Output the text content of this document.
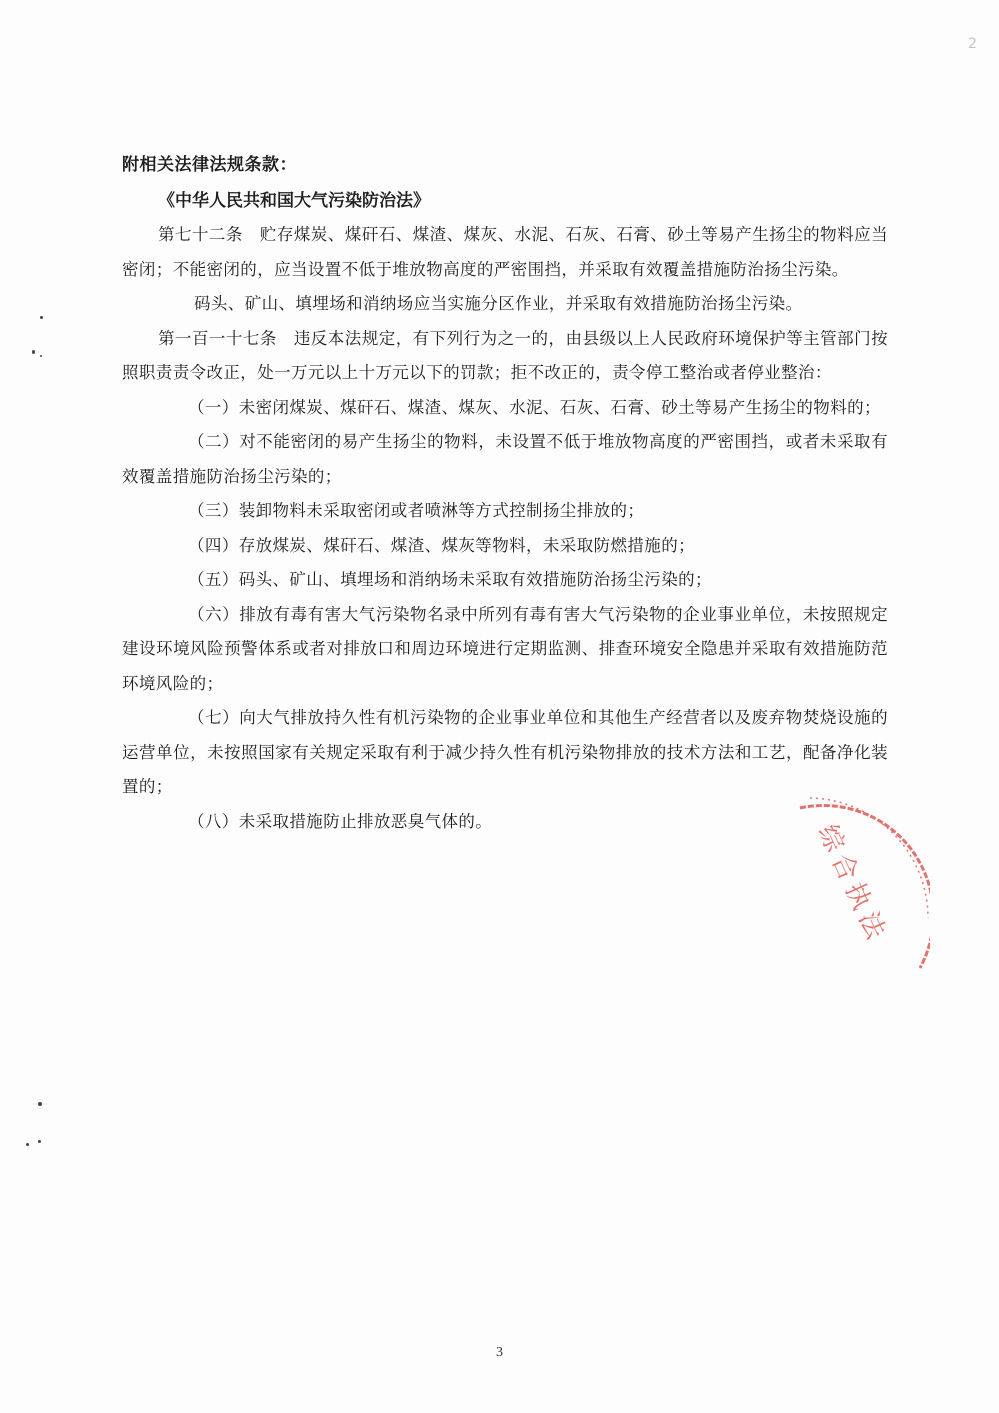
2

附相关法律法规条款：

《中华人民共和国大气污染防治法》

第七十二条　贮存煤炭、煤矸石、煤渣、煤灰、水泥、石灰、石膏、砂土等易产生扬尘的物料应当密闭；不能密闭的，应当设置不低于堆放物高度的严密围挡，并采取有效覆盖措施防治扬尘污染。

码头、矿山、填埋场和消纳场应当实施分区作业，并采取有效措施防治扬尘污染。

第一百一十七条　违反本法规定，有下列行为之一的，由县级以上人民政府环境保护等主管部门按照职责责令改正，处一万元以上十万元以下的罚款；拒不改正的，责令停工整治或者停业整治：

（一）未密闭煤炭、煤矸石、煤渣、煤灰、水泥、石灰、石膏、砂土等易产生扬尘的物料的；

（二）对不能密闭的易产生扬尘的物料，未设置不低于堆放物高度的严密围挡，或者未采取有效覆盖措施防治扬尘污染的；

（三）装卸物料未采取密闭或者喷淋等方式控制扬尘排放的；

（四）存放煤炭、煤矸石、煤渣、煤灰等物料，未采取防燃措施的；

（五）码头、矿山、填埋场和消纳场未采取有效措施防治扬尘污染的；

（六）排放有毒有害大气污染物名录中所列有毒有害大气污染物的企业事业单位，未按照规定建设环境风险预警体系或者对排放口和周边环境进行定期监测、排查环境安全隐患并采取有效措施防范环境风险的；

（七）向大气排放持久性有机污染物的企业事业单位和其他生产经营者以及废弃物焚烧设施的运营单位，未按照国家有关规定采取有利于减少持久性有机污染物排放的技术方法和工艺，配备净化装置的；

（八）未采取措施防止排放恶臭气体的。	综合执法
3
